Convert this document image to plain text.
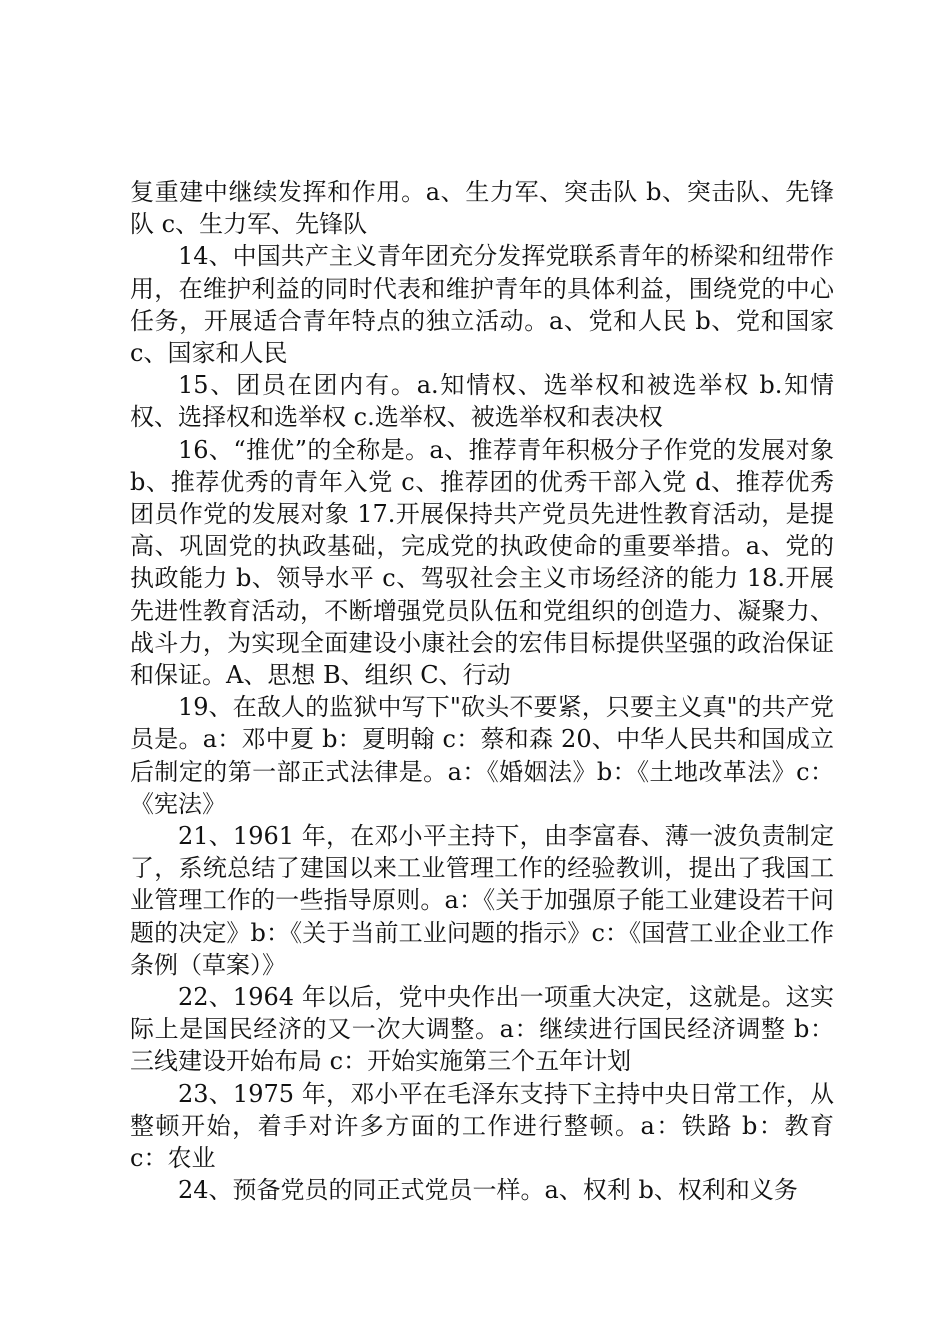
复重建中继续发挥和作用。a、生力军、突击队 b、突击队、先锋队 c、生力军、先锋队

14、中国共产主义青年团充分发挥党联系青年的桥梁和纽带作用，在维护利益的同时代表和维护青年的具体利益，围绕党的中心任务，开展适合青年特点的独立活动。a、党和人民 b、党和国家 c、国家和人民

15、团员在团内有。a.知情权、选举权和被选举权 b.知情权、选择权和选举权 c.选举权、被选举权和表决权

16、“推优”的全称是。a、推荐青年积极分子作党的发展对象 b、推荐优秀的青年入党 c、推荐团的优秀干部入党 d、推荐优秀团员作党的发展对象 17.开展保持共产党员先进性教育活动，是提高、巩固党的执政基础，完成党的执政使命的重要举措。a、党的执政能力 b、领导水平 c、驾驭社会主义市场经济的能力 18.开展先进性教育活动，不断增强党员队伍和党组织的创造力、凝聚力、战斗力，为实现全面建设小康社会的宏伟目标提供坚强的政治保证和保证。A、思想 B、组织 C、行动

19、在敌人的监狱中写下"砍头不要紧，只要主义真"的共产党员是。a：邓中夏 b：夏明翰 c：蔡和森 20、中华人民共和国成立后制定的第一部正式法律是。a：《婚姻法》b：《土地改革法》c：《宪法》

21、1961 年，在邓小平主持下，由李富春、薄一波负责制定了，系统总结了建国以来工业管理工作的经验教训，提出了我国工业管理工作的一些指导原则。a：《关于加强原子能工业建设若干问题的决定》b：《关于当前工业问题的指示》c：《国营工业企业工作条例（草案）》

22、1964 年以后，党中央作出一项重大决定，这就是。这实际上是国民经济的又一次大调整。a：继续进行国民经济调整 b：三线建设开始布局 c：开始实施第三个五年计划

23、1975 年，邓小平在毛泽东支持下主持中央日常工作，从整顿开始，着手对许多方面的工作进行整顿。a：铁路 b：教育 c：农业

24、预备党员的同正式党员一样。a、权利 b、权利和义务
